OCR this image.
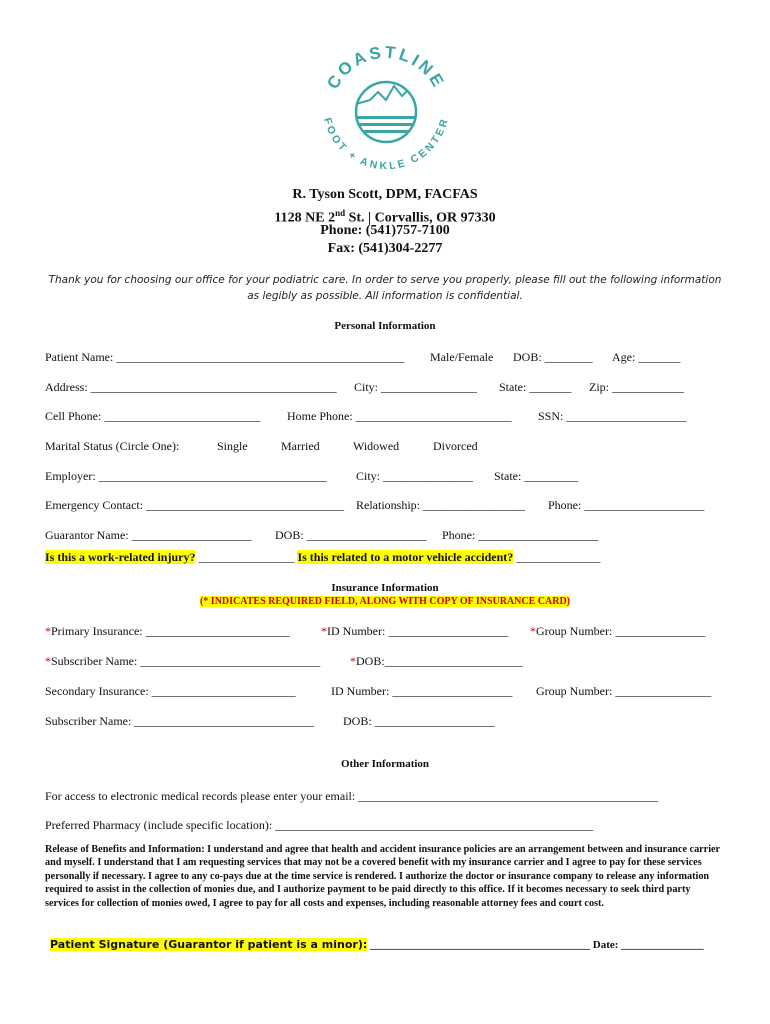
COASTLINE
FOOT + ANKLE CENTER
R. Tyson Scott, DPM, FACFAS
1128 NE 2nd St. | Corvallis, OR 97330
Phone: (541)757-7100
Fax: (541)304-2277
Thank you for choosing our office for your podiatric care. In order to serve you properly, please fill out the following information
as legibly as possible. All information is confidential.
Personal Information
Patient Name: ________________________________________________ Male/Female DOB: ________ Age: _______
Address: _________________________________________ City: ________________ State: _______ Zip: ____________
Cell Phone: __________________________ Home Phone: __________________________ SSN: ____________________
Marital Status (Circle One):	Single	Married	Widowed	Divorced
Employer: ______________________________________ City: _______________ State: _________
Emergency Contact: _________________________________ Relationship: _________________ Phone: ____________________
Guarantor Name: ____________________ DOB: ____________________ Phone: ____________________
Is this a work-related injury? ________________ Is this related to a motor vehicle accident? ______________
Insurance Information
(* INDICATES REQUIRED FIELD, ALONG WITH COPY OF INSURANCE CARD)
*Primary Insurance: ________________________	*ID Number: ____________________ *Group Number: _______________
*Subscriber Name: ______________________________ *DOB:_______________________
Secondary Insurance: ________________________	ID Number: ____________________ Group Number: ________________
Subscriber Name: ______________________________ DOB: ____________________
Other Information
For access to electronic medical records please enter your email: __________________________________________________
Preferred Pharmacy (include specific location): _____________________________________________________
Release of Benefits and Information: I understand and agree that health and accident insurance policies are an arrangement between and insurance carrier and myself. I understand that I am requesting services that may not be a covered benefit with my insurance carrier and I agree to pay for these services personally if necessary. I agree to any co-pays due at the time service is rendered. I authorize the doctor or insurance company to release any information required to assist in the collection of monies due, and I authorize payment to be paid directly to this office. If it becomes necessary to seek third party services for collection of monies owed, I agree to pay for all costs and expenses, including reasonable attorney fees and court cost.
Patient Signature (Guarantor if patient is a minor): ________________________________________ Date: _______________
